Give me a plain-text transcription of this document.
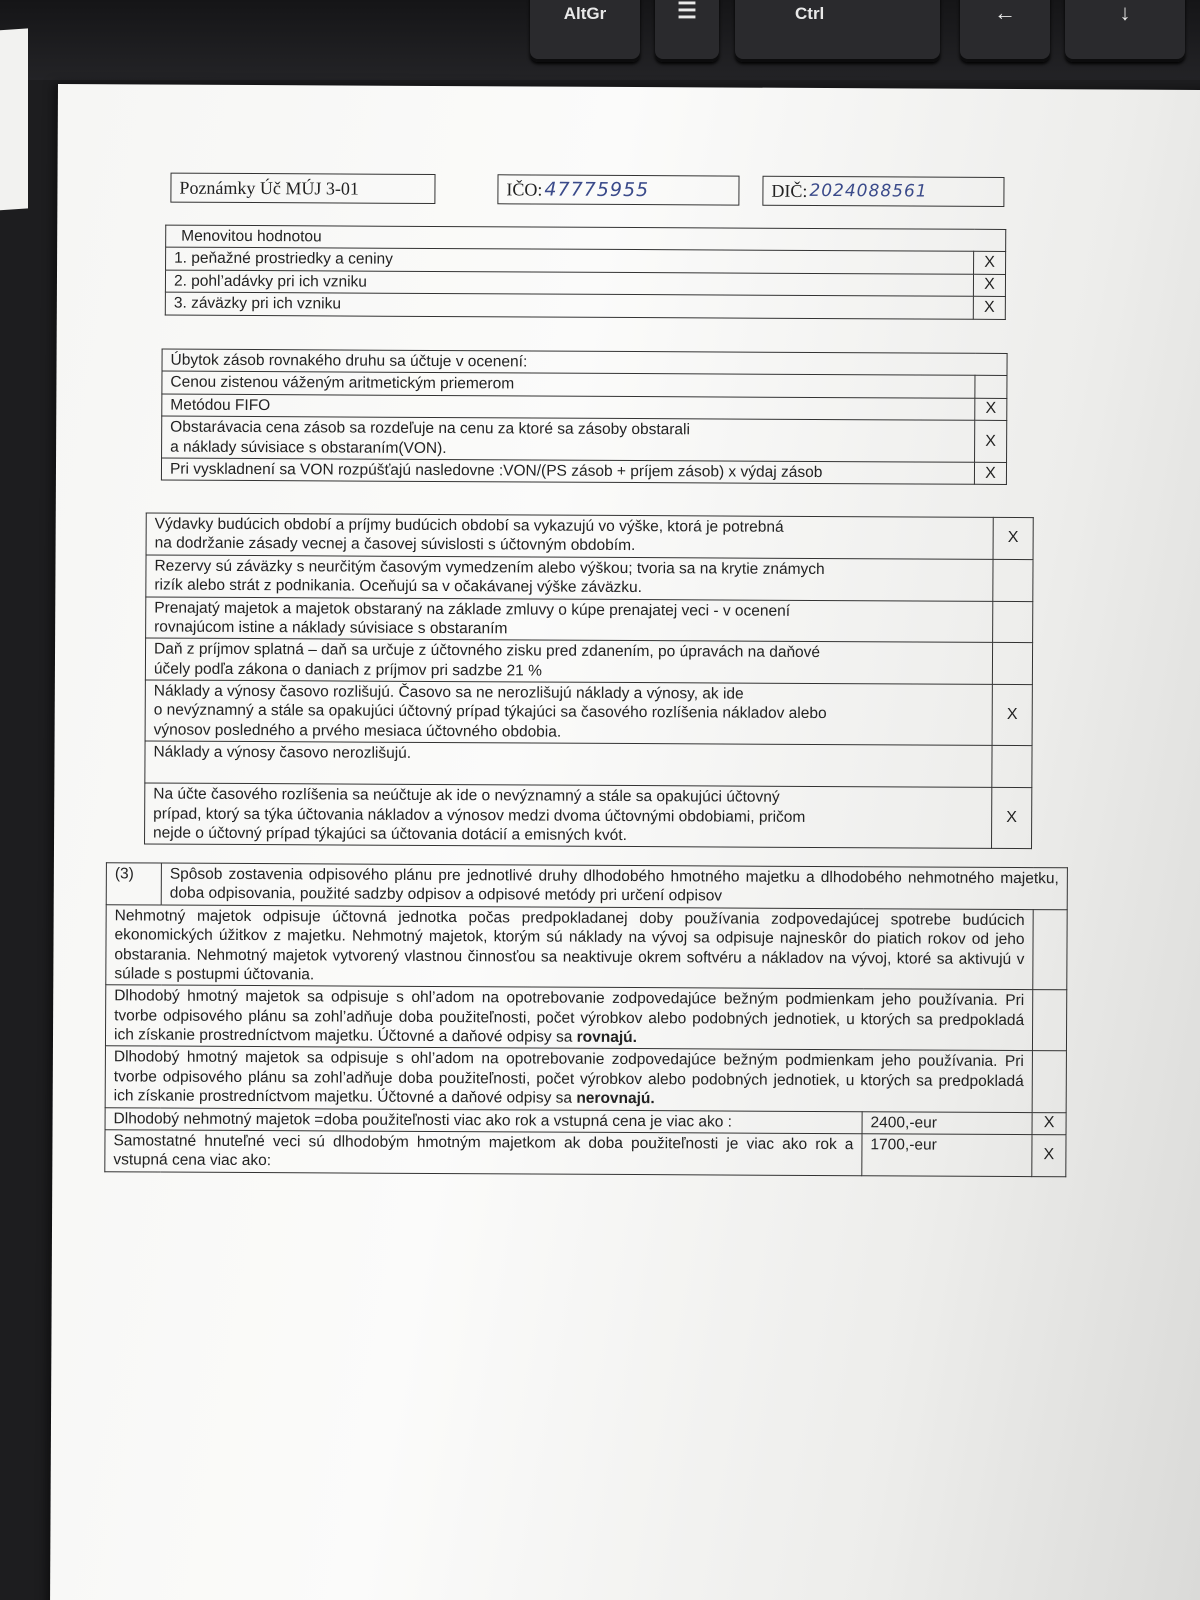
AltGr	☰	Ctrl	←	↓
Poznámky Úč MÚJ 3-01	IČO: 47775955	DIČ: 2024088561
Menovitou hodnotou	
1. peňažné prostriedky a ceniny	X
2. pohl’adávky pri ich vzniku	X
3. záväzky pri ich vzniku	X
Úbytok zásob rovnakého druhu sa účtuje v ocenení:	
Cenou zistenou váženým aritmetickým priemerom	
Metódou FIFO	X

Obstarávacia cena zásob sa rozdeľuje na cenu za ktoré sa zásoby obstarali
a náklady súvisiace s obstaraním(VON).	X
Pri vyskladnení sa VON rozpúšťajú nasledovne :VON/(PS zásob + príjem zásob) x výdaj zásob	X
Výdavky budúcich období a príjmy budúcich období sa vykazujú vo výške, ktorá je potrebná
na dodržanie zásady vecnej a časovej súvislosti s účtovným obdobím.	X

Rezervy sú záväzky s neurčitým časovým vymedzením alebo výškou; tvoria sa na krytie známych
rizík alebo strát z podnikania. Oceňujú sa v očakávanej výške záväzku.	

Prenajatý majetok a majetok obstaraný na základe zmluvy o kúpe prenajatej veci - v ocenení
rovnajúcom istine a náklady súvisiace s obstaraním	

Daň z príjmov splatná – daň sa určuje z účtovného zisku pred zdanením, po úpravách na daňové
účely podľa zákona o daniach z príjmov pri sadzbe 21 %	

Náklady a výnosy časovo rozlišujú. Časovo sa ne nerozlišujú náklady a výnosy, ak ide
o nevýznamný a stále sa opakujúci účtovný prípad týkajúci sa časového rozlíšenia nákladov alebo
výnosov posledného a prvého mesiaca účtovného obdobia.	X

Náklady a výnosy časovo nerozlišujú.	

Na účte časového rozlíšenia sa neúčtuje ak ide o nevýznamný a stále sa opakujúci účtovný
prípad, ktorý sa týka účtovania nákladov a výnosov medzi dvoma účtovnými obdobiami, pričom
nejde o účtovný prípad týkajúci sa účtovania dotácií a emisných kvót.	X
(3)	Spôsob zostavenia odpisového plánu pre jednotlivé druhy dlhodobého hmotného majetku a dlhodobého nehmotného majetku, doba odpisovania, použité sadzby odpisov a odpisové metódy pri určení odpisov		
Nehmotný majetok odpisuje účtovná jednotka počas predpokladanej doby používania zodpovedajúcej spotrebe budúcich ekonomických úžitkov z majetku. Nehmotný majetok, ktorým sú náklady na vývoj sa odpisuje najneskôr do piatich rokov od jeho obstarania. Nehmotný majetok vytvorený vlastnou činnosťou sa neaktivuje okrem softvéru a nákladov na vývoj, ktoré sa aktivujú v súlade s postupmi účtovania.			
Dlhodobý hmotný majetok sa odpisuje s ohl’adom na opotrebovanie zodpovedajúce bežným podmienkam jeho používania. Pri tvorbe odpisového plánu sa zohl’adňuje doba použiteľnosti, počet výrobkov alebo podobných jednotiek, u ktorých sa predpokladá ich získanie prostredníctvom majetku. Účtovné a daňové odpisy sa rovnajú.			
Dlhodobý hmotný majetok sa odpisuje s ohl’adom na opotrebovanie zodpovedajúce bežným podmienkam jeho používania. Pri tvorbe odpisového plánu sa zohl’adňuje doba použiteľnosti, počet výrobkov alebo podobných jednotiek, u ktorých sa predpokladá ich získanie prostredníctvom majetku. Účtovné a daňové odpisy sa nerovnajú.			
Dlhodobý nehmotný majetok =doba použiteľnosti viac ako rok a vstupná cena je viac ako :		2400,-eur	X
Samostatné hnuteľné veci sú dlhodobým hmotným majetkom ak doba použiteľnosti je viac ako rok a vstupná cena viac ako:		1700,-eur	X
